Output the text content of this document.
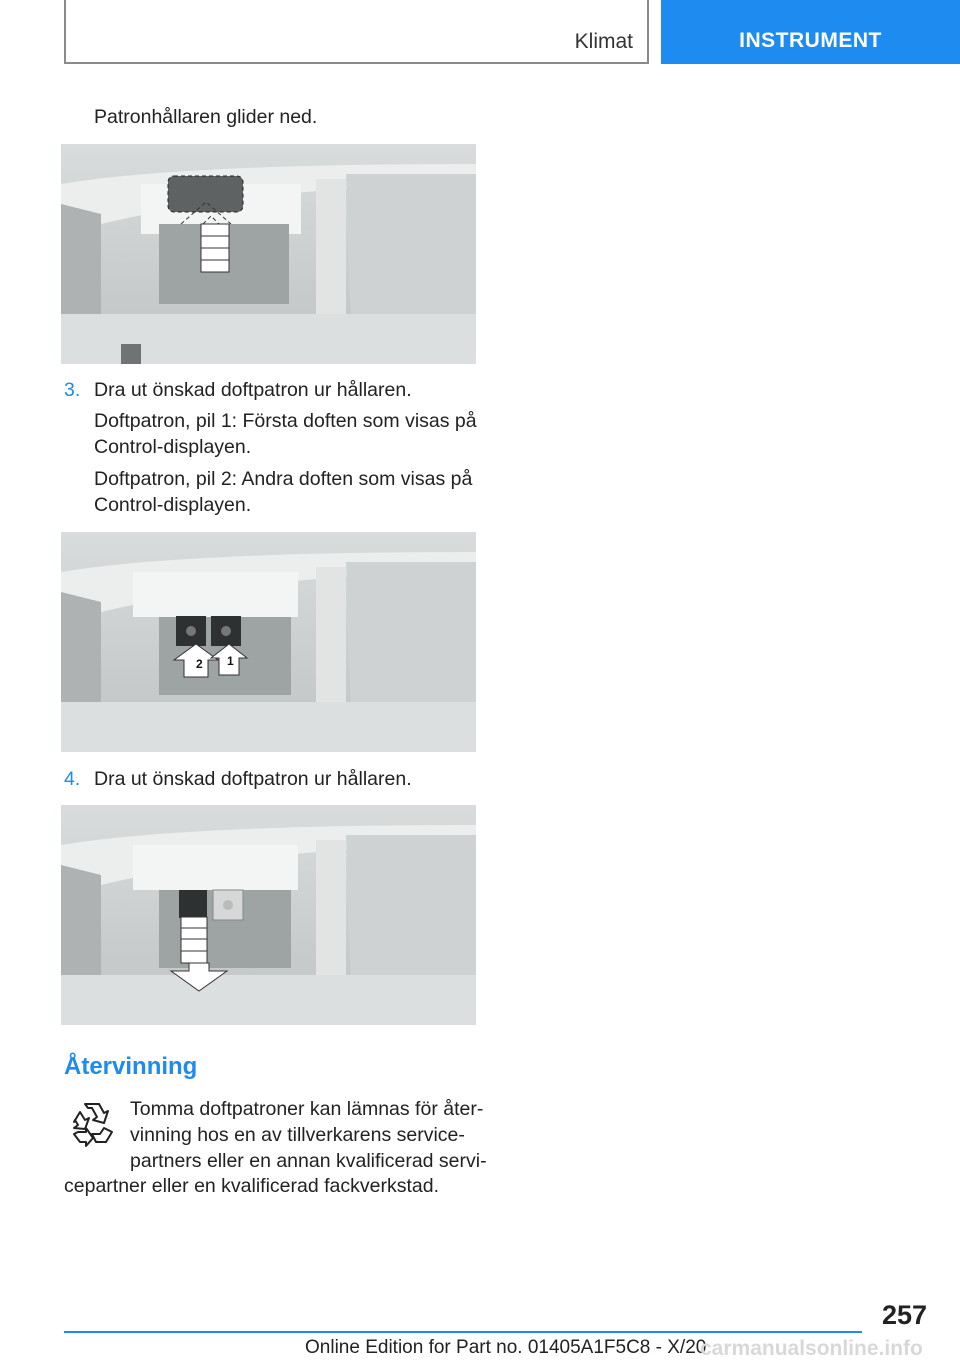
Klimat	INSTRUMENT
Patronhållaren glider ned.
3. Dra ut önskad doftpatron ur hållaren.
Doftpatron, pil 1: Första doften som visas på
Control-displayen.
Doftpatron, pil 2: Andra doften som visas på
Control-displayen.
2 1
4. Dra ut önskad doftpatron ur hållaren.
Återvinning
Tomma doftpatroner kan lämnas för åter-
vinning hos en av tillverkarens service-
partners eller en annan kvalificerad servi-
cepartner eller en kvalificerad fackverkstad.
257
Online Edition for Part no. 01405A1F5C8 - X/20
carmanualsonline.info
